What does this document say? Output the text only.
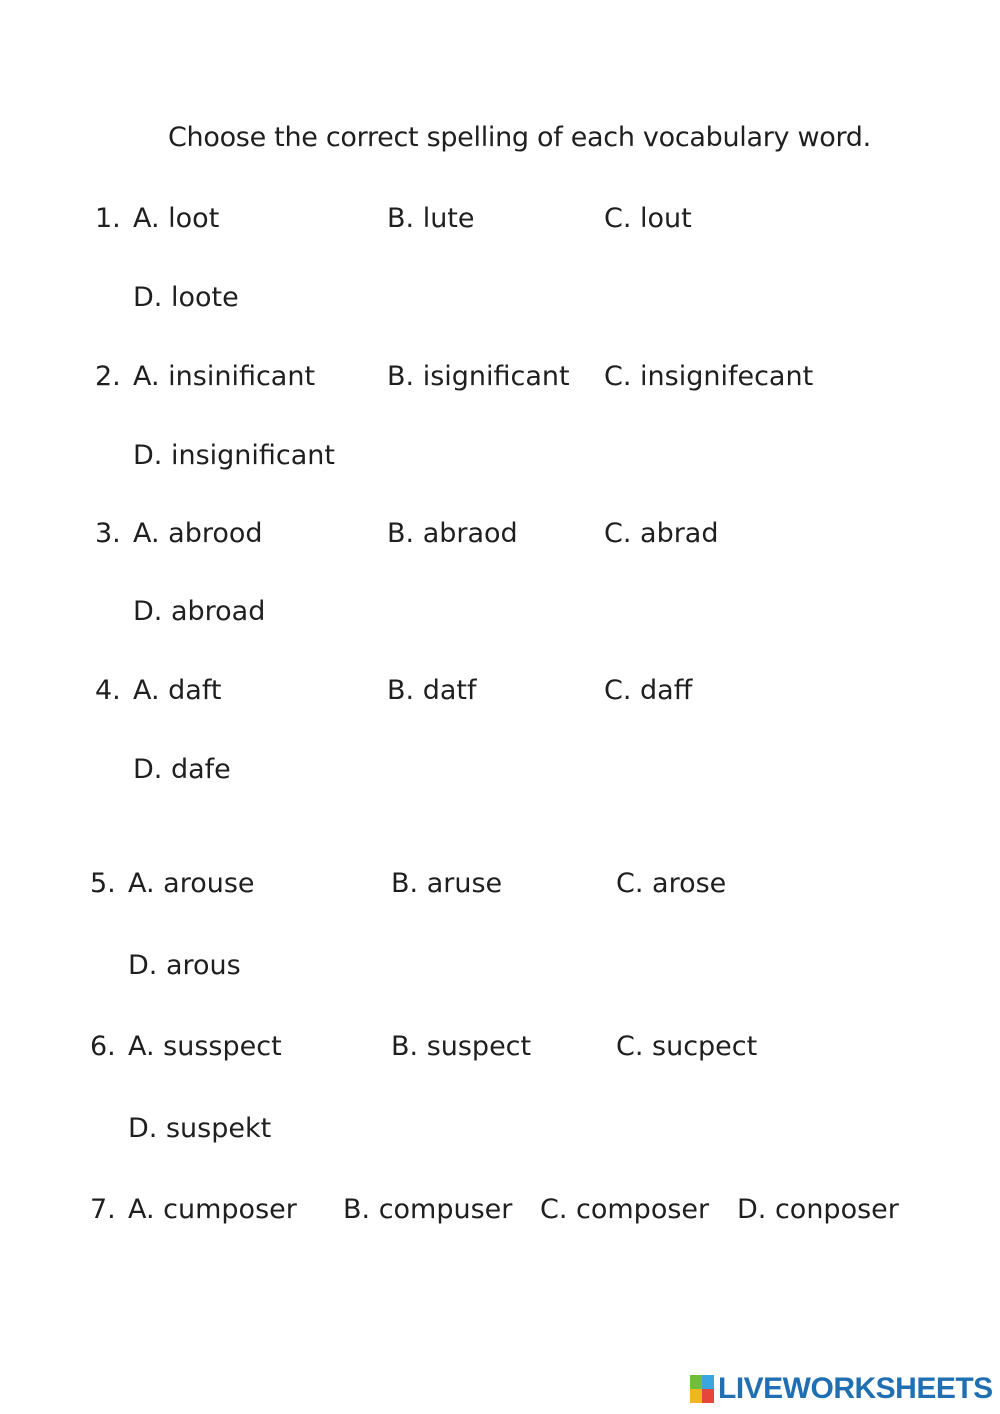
Choose the correct spelling of each vocabulary word.
1. A. loot	B. lute	C. lout
D. loote
2. A. insinificant	B. isignificant C. insignifecant
D. insignificant
3. A. abrood	B. abraod	C. abrad
D. abroad
4. A. daft	B. datf	C. daff
D. dafe
5. A. arouse	B. aruse	C. arose
D. arous
6. A. susspect	B. suspect	C. sucpect
D. suspekt
7. A. cumposer B. compuser C. composer D. conposer
LIVEWORKSHEETS
